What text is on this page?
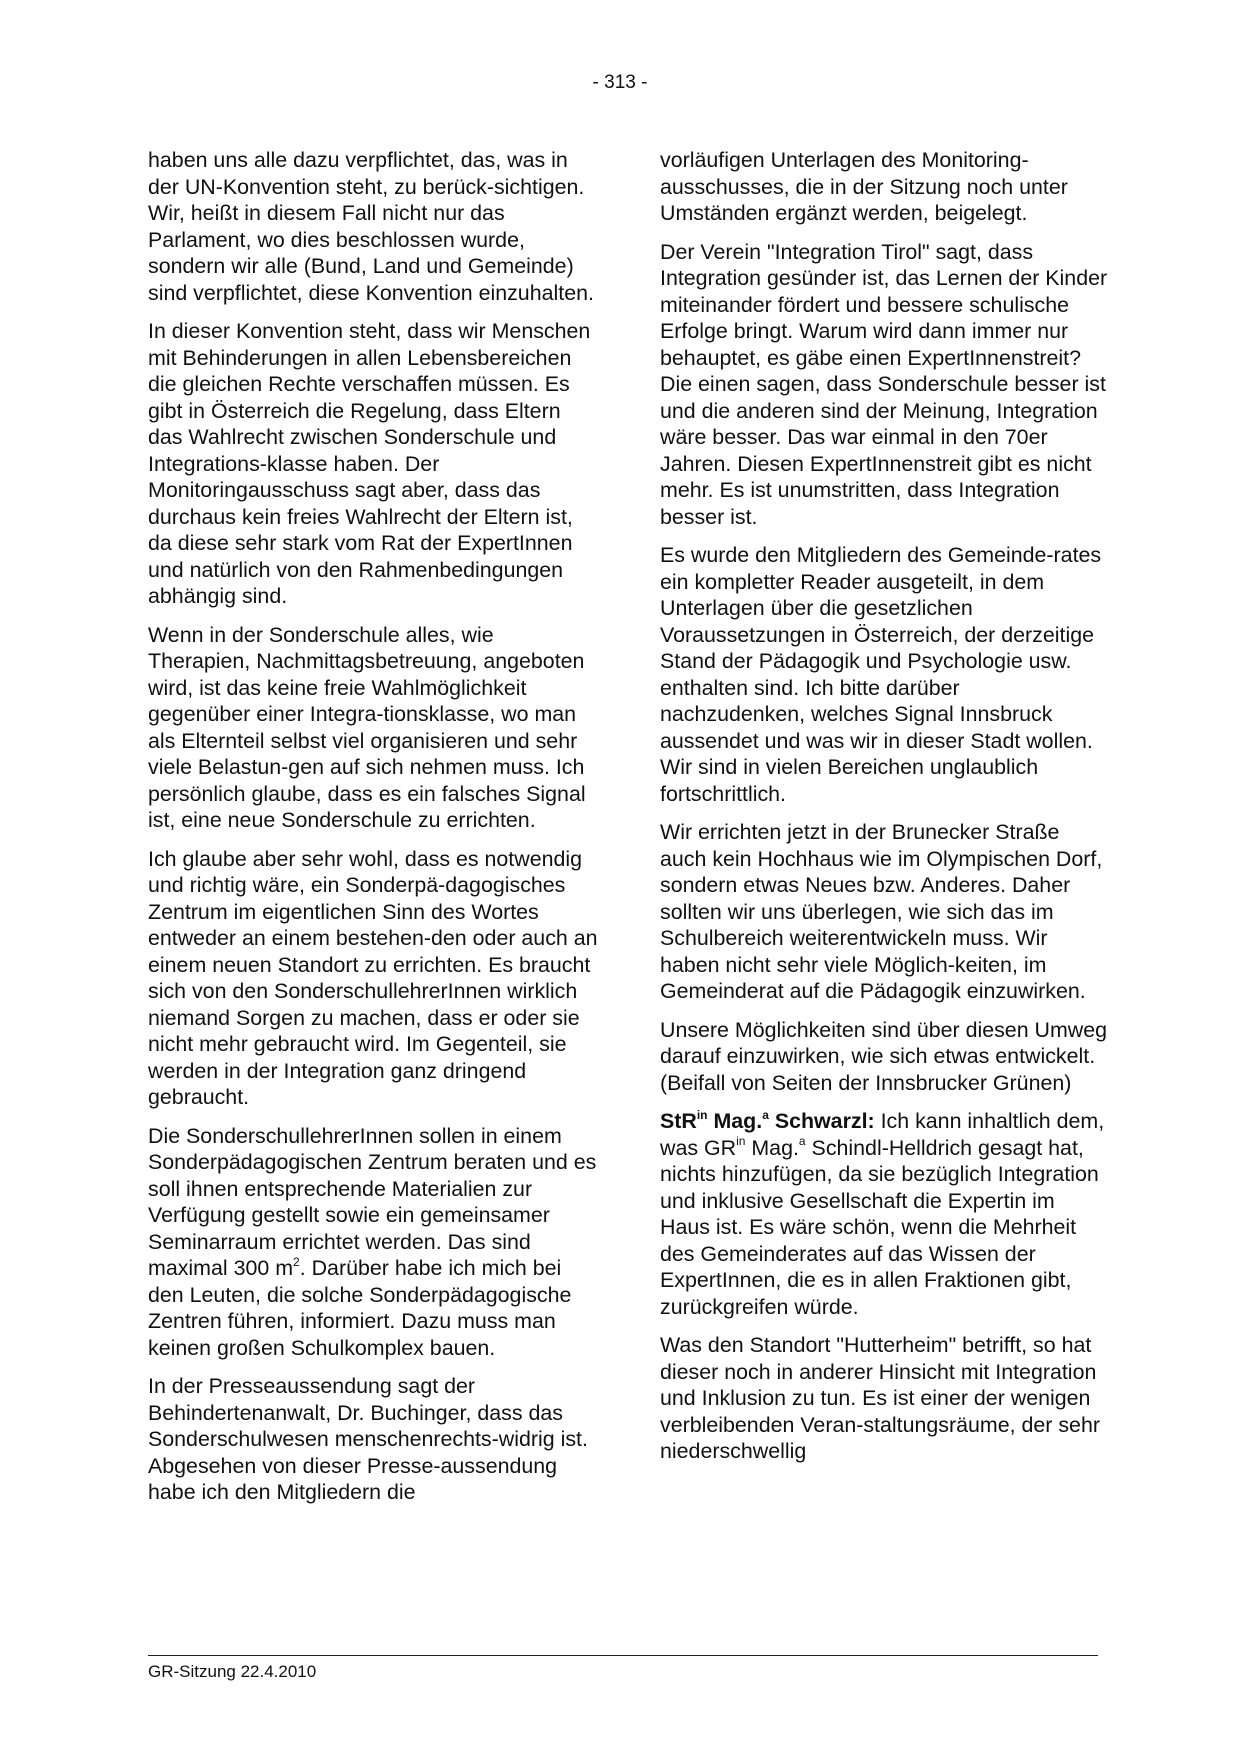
- 313 -

haben uns alle dazu verpflichtet, das, was in der UN-Konvention steht, zu berück-sichtigen. Wir, heißt in diesem Fall nicht nur das Parlament, wo dies beschlossen wurde, sondern wir alle (Bund, Land und Gemeinde) sind verpflichtet, diese Konvention einzuhalten.

In dieser Konvention steht, dass wir Menschen mit Behinderungen in allen Lebensbereichen die gleichen Rechte verschaffen müssen. Es gibt in Österreich die Regelung, dass Eltern das Wahlrecht zwischen Sonderschule und Integrations-klasse haben. Der Monitoringausschuss sagt aber, dass das durchaus kein freies Wahlrecht der Eltern ist, da diese sehr stark vom Rat der ExpertInnen und natürlich von den Rahmenbedingungen abhängig sind.

Wenn in der Sonderschule alles, wie Therapien, Nachmittagsbetreuung, angeboten wird, ist das keine freie Wahlmöglichkeit gegenüber einer Integra-tionsklasse, wo man als Elternteil selbst viel organisieren und sehr viele Belastun-gen auf sich nehmen muss. Ich persönlich glaube, dass es ein falsches Signal ist, eine neue Sonderschule zu errichten.

Ich glaube aber sehr wohl, dass es notwendig und richtig wäre, ein Sonderpä-dagogisches Zentrum im eigentlichen Sinn des Wortes entweder an einem bestehen-den oder auch an einem neuen Standort zu errichten. Es braucht sich von den SonderschullehrerInnen wirklich niemand Sorgen zu machen, dass er oder sie nicht mehr gebraucht wird. Im Gegenteil, sie werden in der Integration ganz dringend gebraucht.

Die SonderschullehrerInnen sollen in einem Sonderpädagogischen Zentrum beraten und es soll ihnen entsprechende Materialien zur Verfügung gestellt sowie ein gemeinsamer Seminarraum errichtet werden. Das sind maximal 300 $m^2$. Darüber habe ich mich bei den Leuten, die solche Sonderpädagogische Zentren führen, informiert. Dazu muss man keinen großen Schulkomplex bauen.

In der Presseaussendung sagt der Behindertenanwalt, Dr. Buchinger, dass das Sonderschulwesen menschenrechts-widrig ist. Abgesehen von dieser Presse-aussendung habe ich den Mitgliedern die

vorläufigen Unterlagen des Monitoring-ausschusses, die in der Sitzung noch unter Umständen ergänzt werden, beigelegt.

Der Verein "Integration Tirol" sagt, dass Integration gesünder ist, das Lernen der Kinder miteinander fördert und bessere schulische Erfolge bringt. Warum wird dann immer nur behauptet, es gäbe einen ExpertInnenstreit? Die einen sagen, dass Sonderschule besser ist und die anderen sind der Meinung, Integration wäre besser. Das war einmal in den 70er Jahren. Diesen ExpertInnenstreit gibt es nicht mehr. Es ist unumstritten, dass Integration besser ist.

Es wurde den Mitgliedern des Gemeinde-rates ein kompletter Reader ausgeteilt, in dem Unterlagen über die gesetzlichen Voraussetzungen in Österreich, der derzeitige Stand der Pädagogik und Psychologie usw. enthalten sind. Ich bitte darüber nachzudenken, welches Signal Innsbruck aussendet und was wir in dieser Stadt wollen. Wir sind in vielen Bereichen unglaublich fortschrittlich.

Wir errichten jetzt in der Brunecker Straße auch kein Hochhaus wie im Olympischen Dorf, sondern etwas Neues bzw. Anderes. Daher sollten wir uns überlegen, wie sich das im Schulbereich weiterentwickeln muss. Wir haben nicht sehr viele Möglich-keiten, im Gemeinderat auf die Pädagogik einzuwirken.

Unsere Möglichkeiten sind über diesen Umweg darauf einzuwirken, wie sich etwas entwickelt. (Beifall von Seiten der Innsbrucker Grünen)

StR$^{in}$ Mag.$^a$ Schwarzl: Ich kann inhaltlich dem, was $GR^{in}$ Mag.$^a$ Schindl-Helldrich gesagt hat, nichts hinzufügen, da sie bezüglich Integration und inklusive Gesellschaft die Expertin im Haus ist. Es wäre schön, wenn die Mehrheit des Gemeinderates auf das Wissen der ExpertInnen, die es in allen Fraktionen gibt, zurückgreifen würde.

Was den Standort "Hutterheim" betrifft, so hat dieser noch in anderer Hinsicht mit Integration und Inklusion zu tun. Es ist einer der wenigen verbleibenden Veran-staltungsräume, der sehr niederschwellig

GR-Sitzung 22.4.2010
